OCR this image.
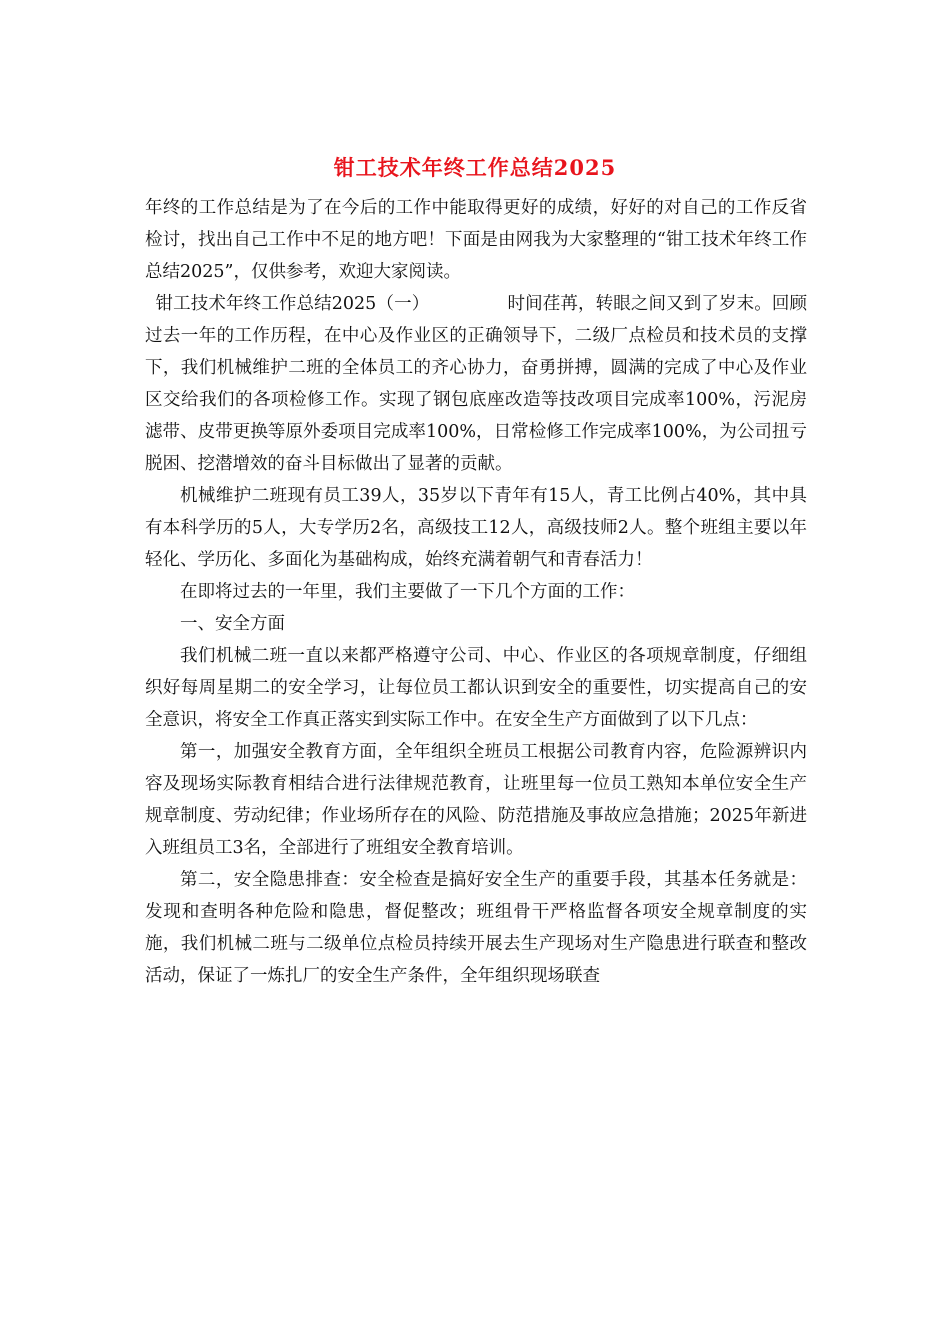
钳工技术年终工作总结2025

年终的工作总结是为了在今后的工作中能取得更好的成绩，好好的对自己的工作反省检讨，找出自己工作中不足的地方吧！下面是由网我为大家整理的“钳工技术年终工作总结2025”，仅供参考，欢迎大家阅读。

钳工技术年终工作总结2025（一）	时间荏苒，转眼之间又到了岁末。回顾过去一年的工作历程，在中心及作业区的正确领导下，二级厂点检员和技术员的支撑下，我们机械维护二班的全体员工的齐心协力，奋勇拼搏，圆满的完成了中心及作业区交给我们的各项检修工作。实现了钢包底座改造等技改项目完成率100%，污泥房滤带、皮带更换等原外委项目完成率100%，日常检修工作完成率100%，为公司扭亏脱困、挖潜增效的奋斗目标做出了显著的贡献。

机械维护二班现有员工39人，35岁以下青年有15人，青工比例占40%，其中具有本科学历的5人，大专学历2名，高级技工12人，高级技师2人。整个班组主要以年轻化、学历化、多面化为基础构成，始终充满着朝气和青春活力！

在即将过去的一年里，我们主要做了一下几个方面的工作：

一、安全方面

我们机械二班一直以来都严格遵守公司、中心、作业区的各项规章制度，仔细组织好每周星期二的安全学习，让每位员工都认识到安全的重要性，切实提高自己的安全意识，将安全工作真正落实到实际工作中。在安全生产方面做到了以下几点：

第一，加强安全教育方面，全年组织全班员工根据公司教育内容，危险源辨识内容及现场实际教育相结合进行法律规范教育，让班里每一位员工熟知本单位安全生产规章制度、劳动纪律；作业场所存在的风险、防范措施及事故应急措施；2025年新进入班组员工3名，全部进行了班组安全教育培训。

第二，安全隐患排查：安全检查是搞好安全生产的重要手段，其基本任务就是：发现和查明各种危险和隐患，督促整改；班组骨干严格监督各项安全规章制度的实施，我们机械二班与二级单位点检员持续开展去生产现场对生产隐患进行联查和整改活动，保证了一炼扎厂的安全生产条件，全年组织现场联查
